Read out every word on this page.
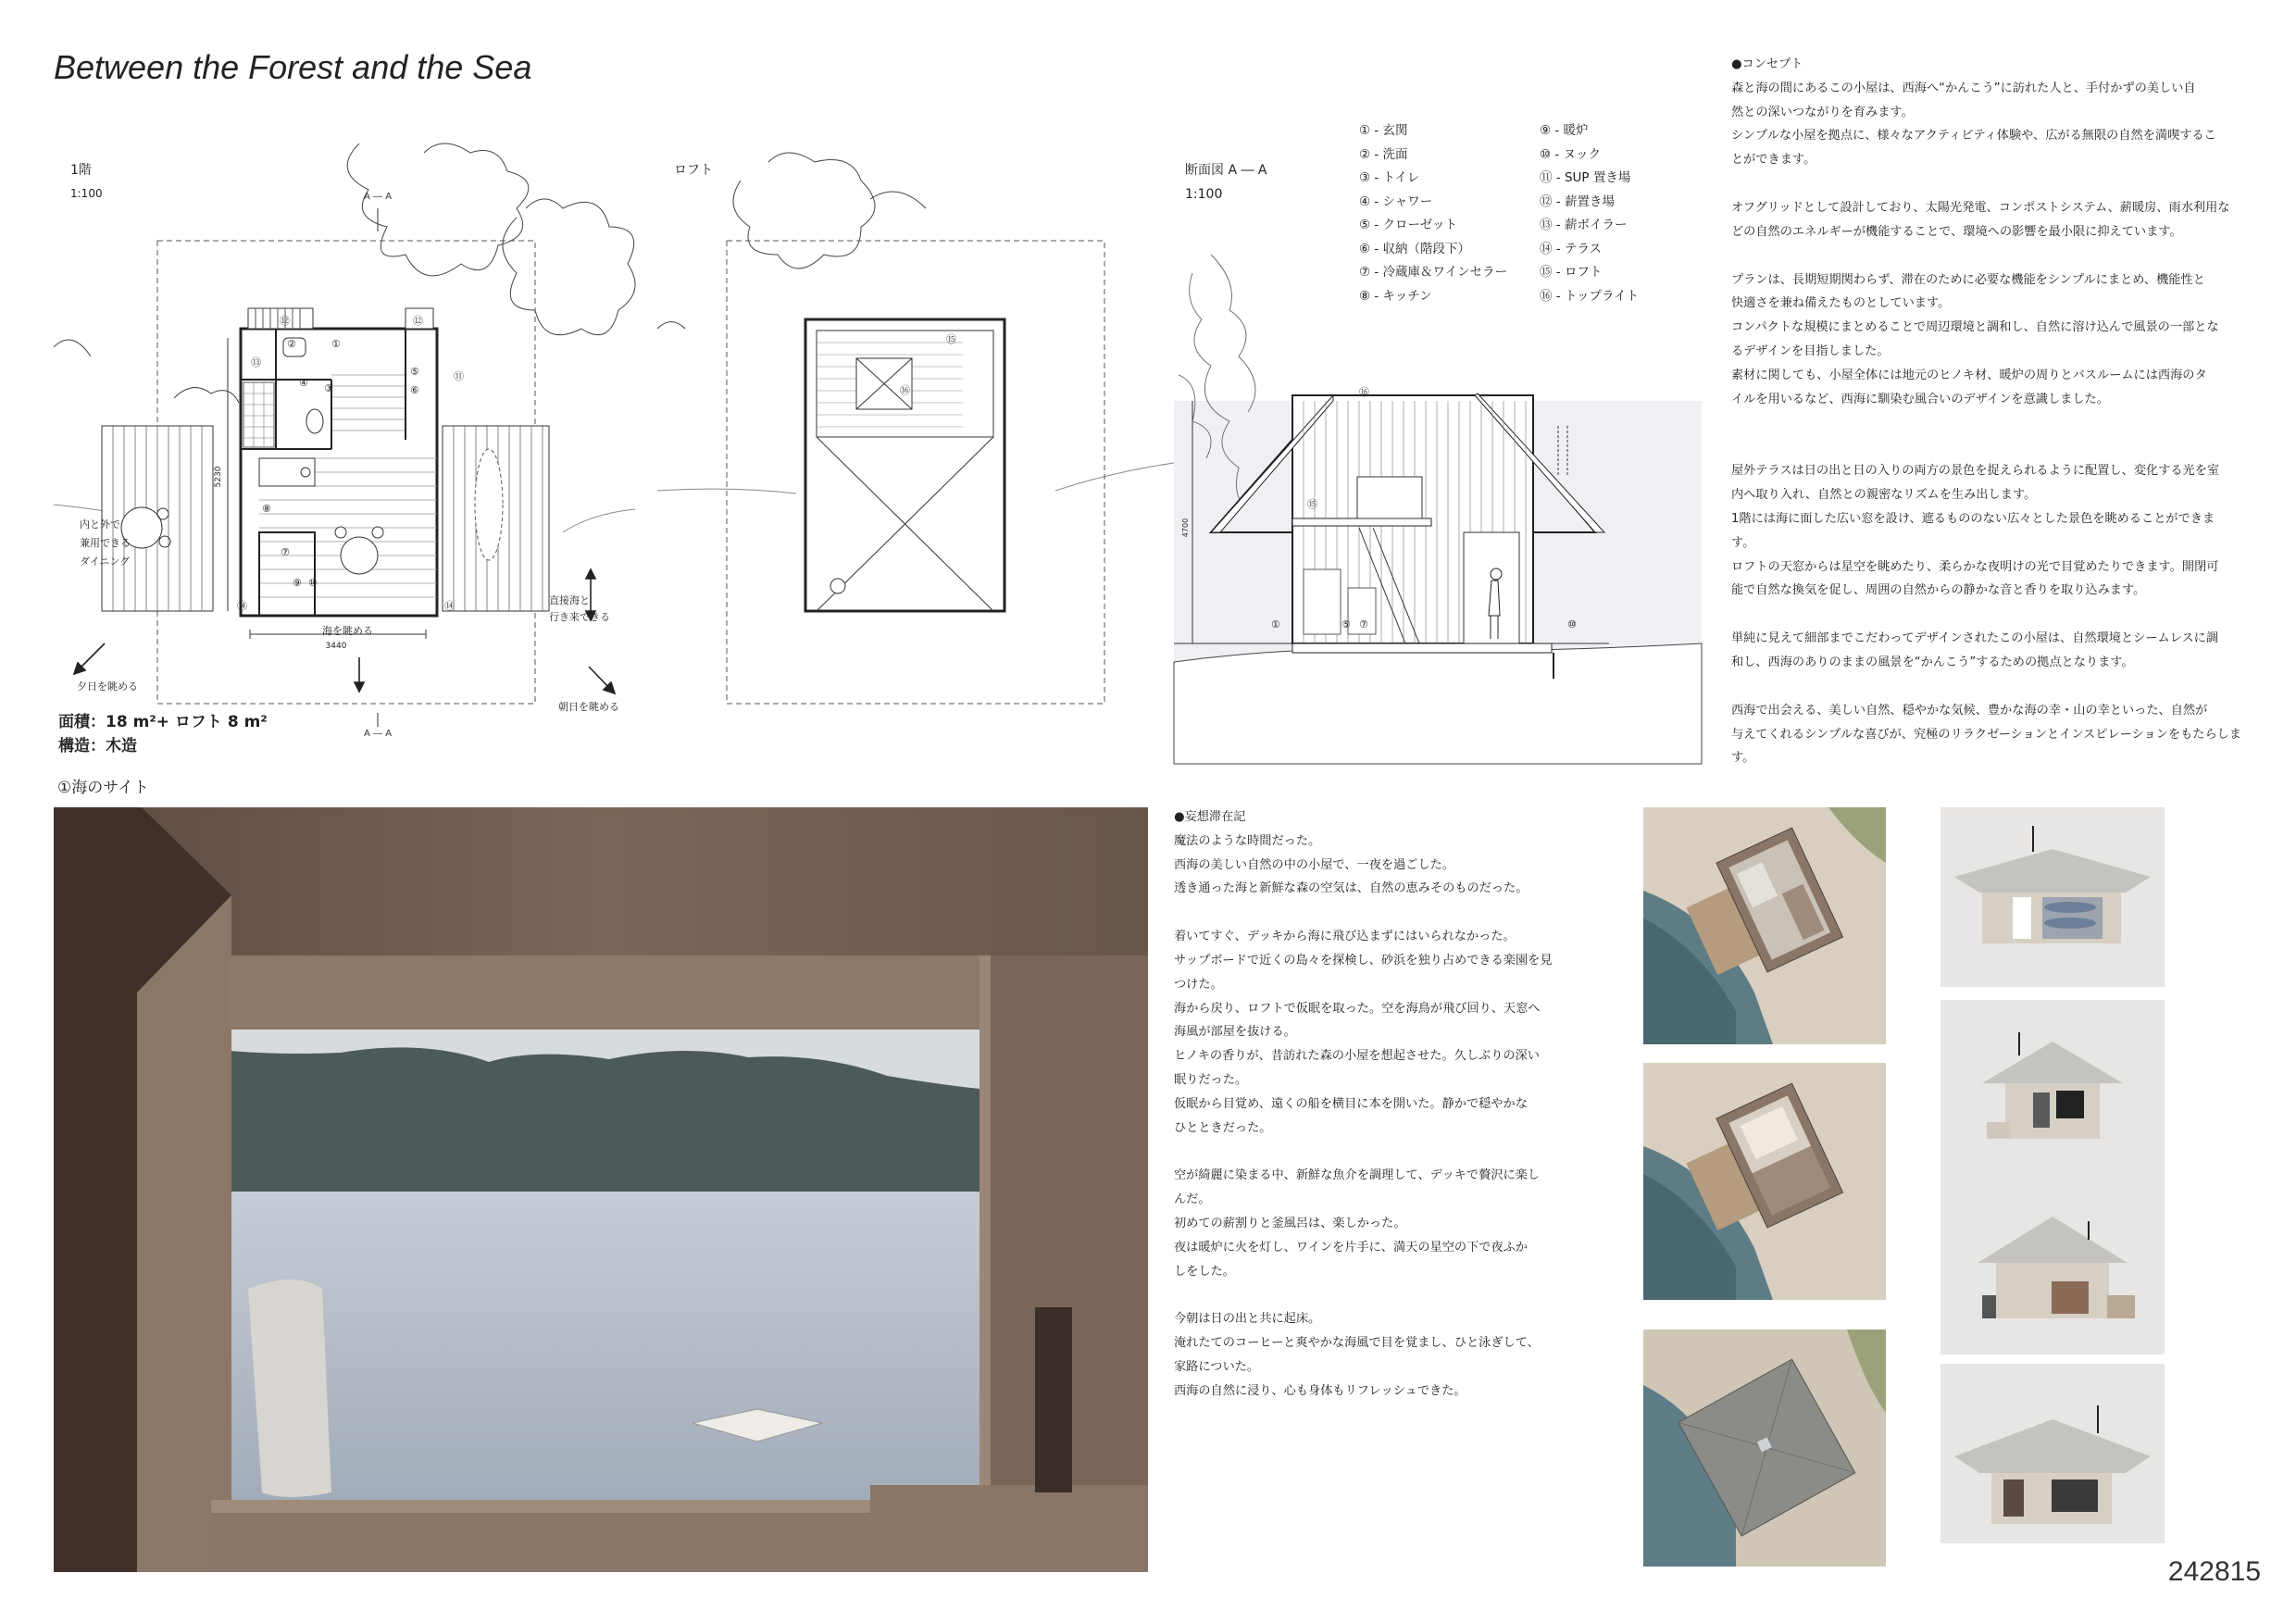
Between the Forest and the Sea
A ― A
②	①
④ ③
⑬
⑫
⑥
⑤
⑧
⑨ ⑩
⑭	⑭
⑪
⑫
⑦
3440
5230
A ― A
内と外で
兼用できる
ダイニング
夕日を眺める
海を眺める
直接海と
行き来できる
朝日を眺める
1階
1:100
面積：18 m²+ ロフト 8 m²
構造：木造
⑮
⑯
ロフト
4700
⑯
⑮
①	⑤ ⑦	⑩
断面図 A ― A
1:100
① - 玄関
② - 洗面
③ - トイレ
④ - シャワー
⑤ - クローゼット
⑥ - 収納（階段下）
⑦ - 冷蔵庫＆ワインセラー
⑧ - キッチン
⑨ - 暖炉
⑩ - ヌック
⑪ - SUP 置き場
⑫ - 薪置き場
⑬ - 薪ボイラー
⑭ - テラス
⑮ - ロフト
⑯ - トップライト

●コンセプト

森と海の間にあるこの小屋は、西海へ“かんこう”に訪れた人と、手付かずの美しい自

然との深いつながりを育みます。

シンプルな小屋を拠点に、様々なアクティビティ体験や、広がる無限の自然を満喫するこ

とができます。

オフグリッドとして設計しており、太陽光発電、コンポストシステム、薪暖房、雨水利用な

どの自然のエネルギーが機能することで、環境への影響を最小限に抑えています。

プランは、長期短期関わらず、滞在のために必要な機能をシンプルにまとめ、機能性と

快適さを兼ね備えたものとしています。

コンパクトな規模にまとめることで周辺環境と調和し、自然に溶け込んで風景の一部とな

るデザインを目指しました。

素材に関しても、小屋全体には地元のヒノキ材、暖炉の周りとバスルームには西海のタ

イルを用いるなど、西海に馴染む風合いのデザインを意識しました。

屋外テラスは日の出と日の入りの両方の景色を捉えられるように配置し、変化する光を室

内へ取り入れ、自然との親密なリズムを生み出します。

1階には海に面した広い窓を設け、遮るもののない広々とした景色を眺めることができま

す。

ロフトの天窓からは星空を眺めたり、柔らかな夜明けの光で目覚めたりできます。開閉可

能で自然な換気を促し、周囲の自然からの静かな音と香りを取り込みます。

単純に見えて細部までこだわってデザインされたこの小屋は、自然環境とシームレスに調

和し、西海のありのままの風景を“かんこう”するための拠点となります。

西海で出会える、美しい自然、穏やかな気候、豊かな海の幸・山の幸といった、自然が

与えてくれるシンプルな喜びが、究極のリラクゼーションとインスピレーションをもたらしま

す。

①海のサイト

●妄想滞在記

魔法のような時間だった。

西海の美しい自然の中の小屋で、一夜を過ごした。

透き通った海と新鮮な森の空気は、自然の恵みそのものだった。

着いてすぐ、デッキから海に飛び込まずにはいられなかった。

サップボードで近くの島々を探検し、砂浜を独り占めできる楽園を見

つけた。

海から戻り、ロフトで仮眠を取った。空を海鳥が飛び回り、天窓へ

海風が部屋を抜ける。

ヒノキの香りが、昔訪れた森の小屋を想起させた。久しぶりの深い

眠りだった。

仮眠から目覚め、遠くの船を横目に本を開いた。静かで穏やかな

ひとときだった。

空が綺麗に染まる中、新鮮な魚介を調理して、デッキで贅沢に楽し

んだ。

初めての薪割りと釜風呂は、楽しかった。

夜は暖炉に火を灯し、ワインを片手に、満天の星空の下で夜ふか

しをした。

今朝は日の出と共に起床。

淹れたてのコーヒーと爽やかな海風で目を覚まし、ひと泳ぎして、

家路についた。

西海の自然に浸り、心も身体もリフレッシュできた。

242815
